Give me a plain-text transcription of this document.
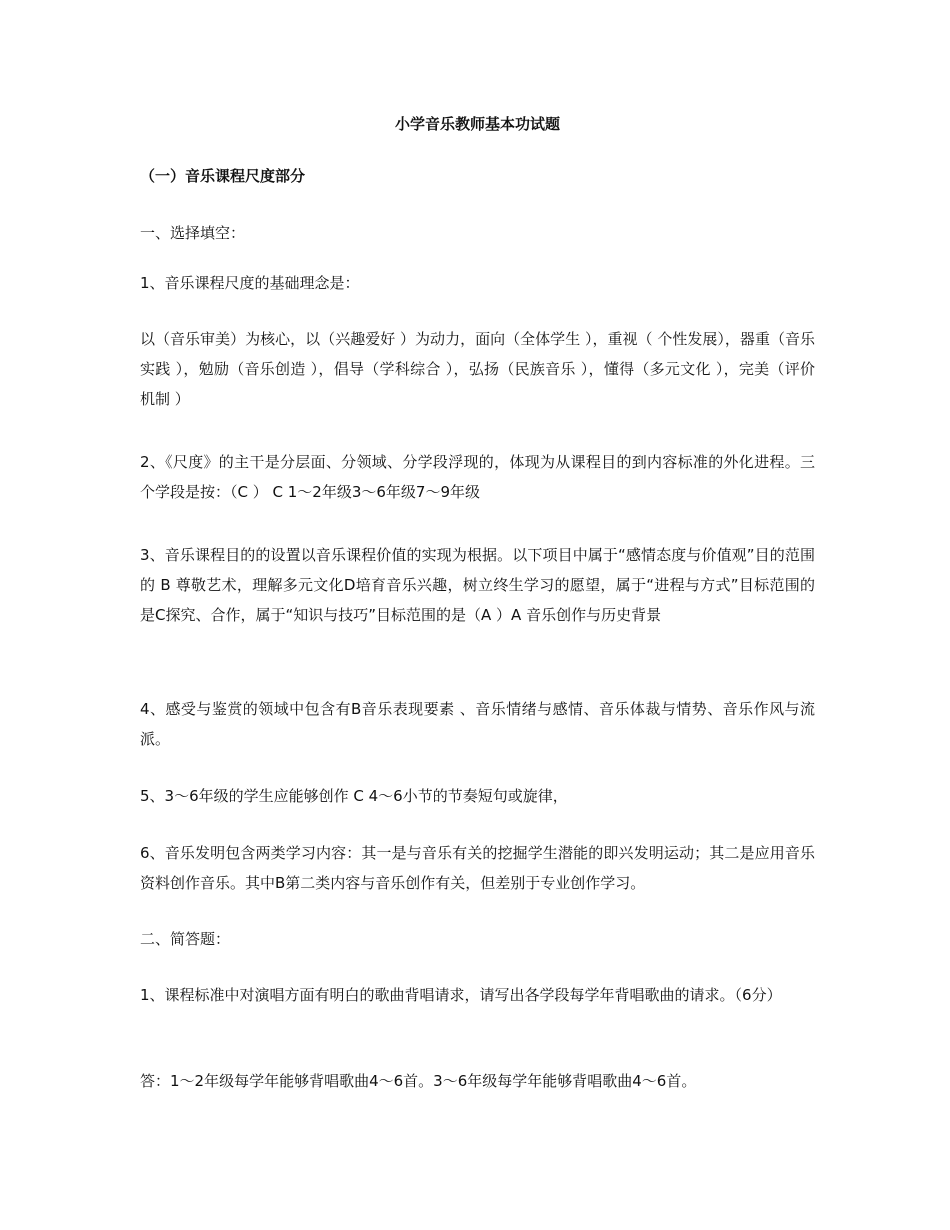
小学音乐教师基本功试题
（一）音乐课程尺度部分
一、选择填空：
1、音乐课程尺度的基础理念是：
以（音乐审美）为核心，以（兴趣爱好 ）为动力，面向（全体学生 ），重视（ 个性发展），器重（音乐实践 ），勉励（音乐创造 ），倡导（学科综合 ），弘扬（民族音乐 ），懂得（多元文化 ），完美（评价机制 ）
2、《尺度》的主干是分层面、分领域、分学段浮现的，体现为从课程目的到内容标准的外化进程。三个学段是按：（C ） C 1～2年级3～6年级7～9年级
3、音乐课程目的的设置以音乐课程价值的实现为根据。以下项目中属于“感情态度与价值观”目的范围的 B 尊敬艺术，理解多元文化D培育音乐兴趣，树立终生学习的愿望，属于“进程与方式”目标范围的是C探究、合作，属于“知识与技巧”目标范围的是（A ）A 音乐创作与历史背景
4、感受与鉴赏的领域中包含有B音乐表现要素 、音乐情绪与感情、音乐体裁与情势、音乐作风与流派。
5、3～6年级的学生应能够创作 C 4～6小节的节奏短句或旋律，
6、音乐发明包含两类学习内容：其一是与音乐有关的挖掘学生潜能的即兴发明运动；其二是应用音乐资料创作音乐。其中B第二类内容与音乐创作有关，但差别于专业创作学习。
二、简答题：
1、课程标准中对演唱方面有明白的歌曲背唱请求，请写出各学段每学年背唱歌曲的请求。（6分）
答：1～2年级每学年能够背唱歌曲4～6首。3～6年级每学年能够背唱歌曲4～6首。
